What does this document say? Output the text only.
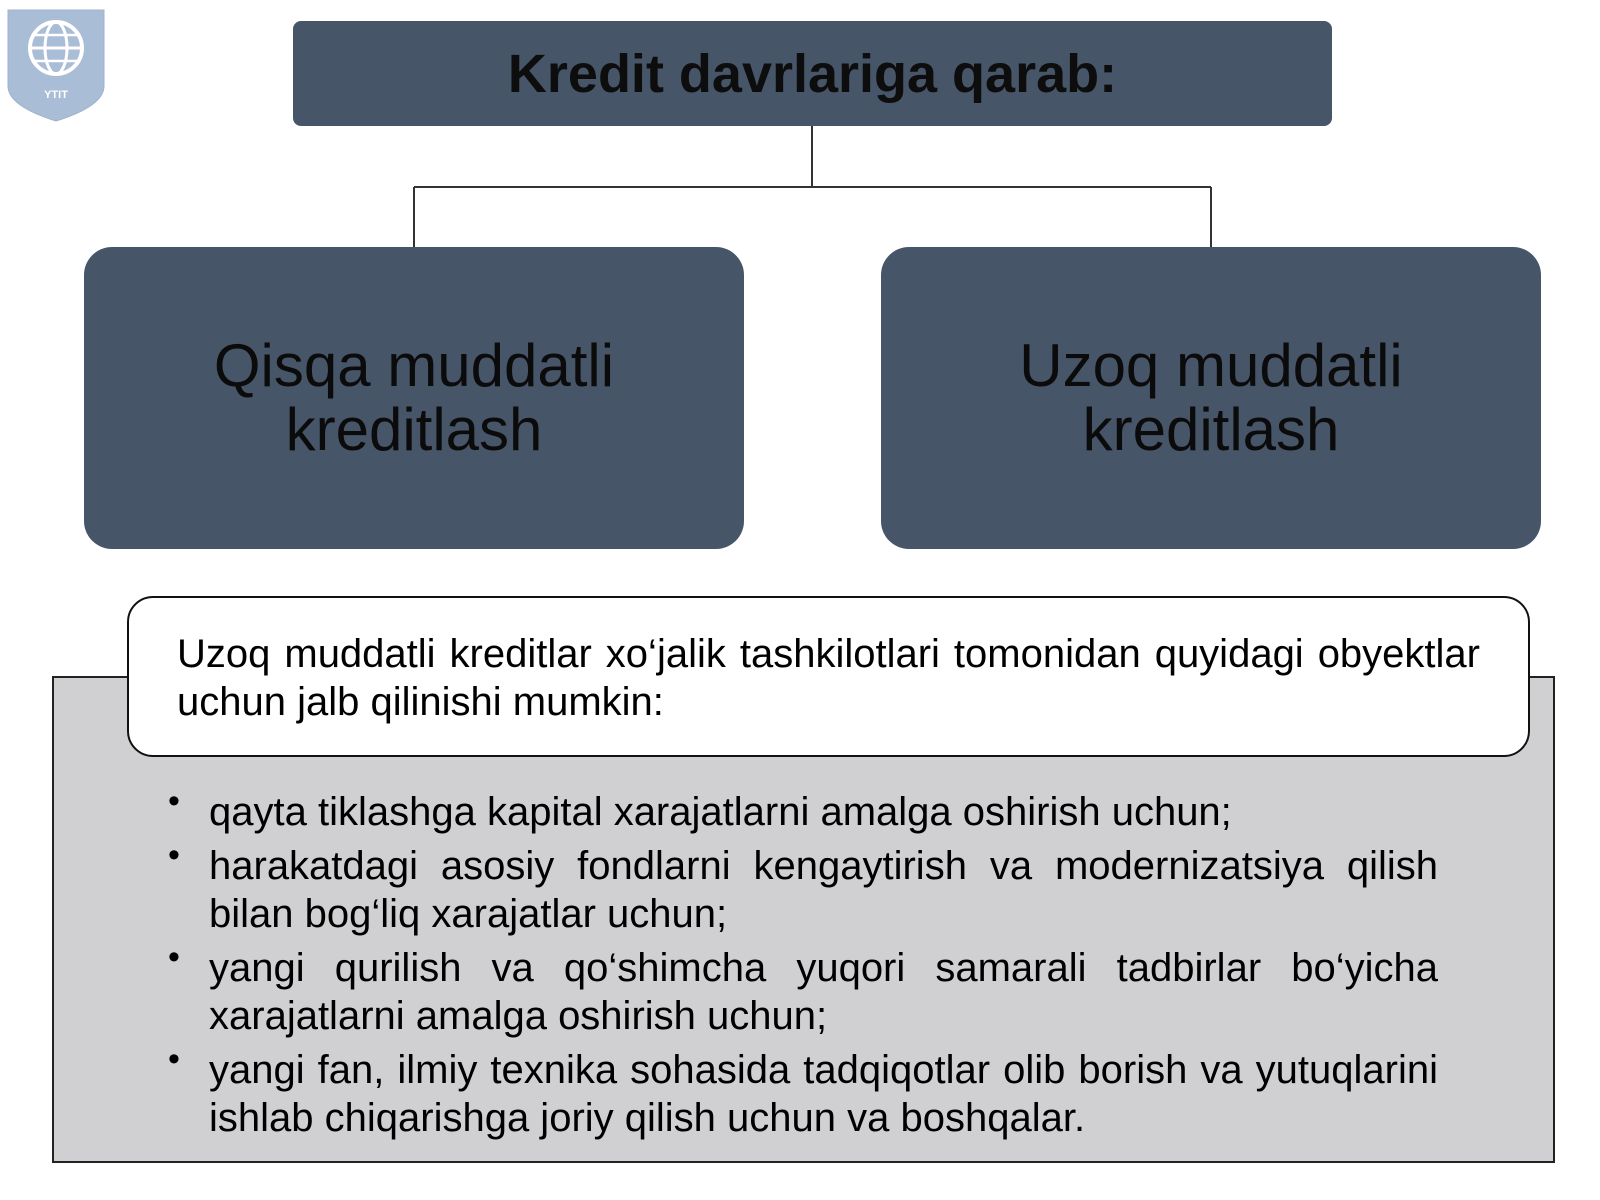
YTIT	Kredit davrlariga qarab:
Qisqa muddatli kreditlash
Uzoq muddatli kreditlash

Uzoq muddatli kreditlar xo‘jalik tashkilotlari tomonidan quyidagi obyektlar uchun jalb qilinishi mumkin:

• qayta tiklashga kapital xarajatlarni amalga oshirish uchun;
• harakatdagi asosiy fondlarni kengaytirish va modernizatsiya qilish bilan bog‘liq xarajatlar uchun;
• yangi qurilish va qo‘shimcha yuqori samarali tadbirlar bo‘yicha xarajatlarni amalga oshirish uchun;
• yangi fan, ilmiy texnika sohasida tadqiqotlar olib borish va yutuqlarini ishlab chiqarishga joriy qilish uchun va boshqalar.
